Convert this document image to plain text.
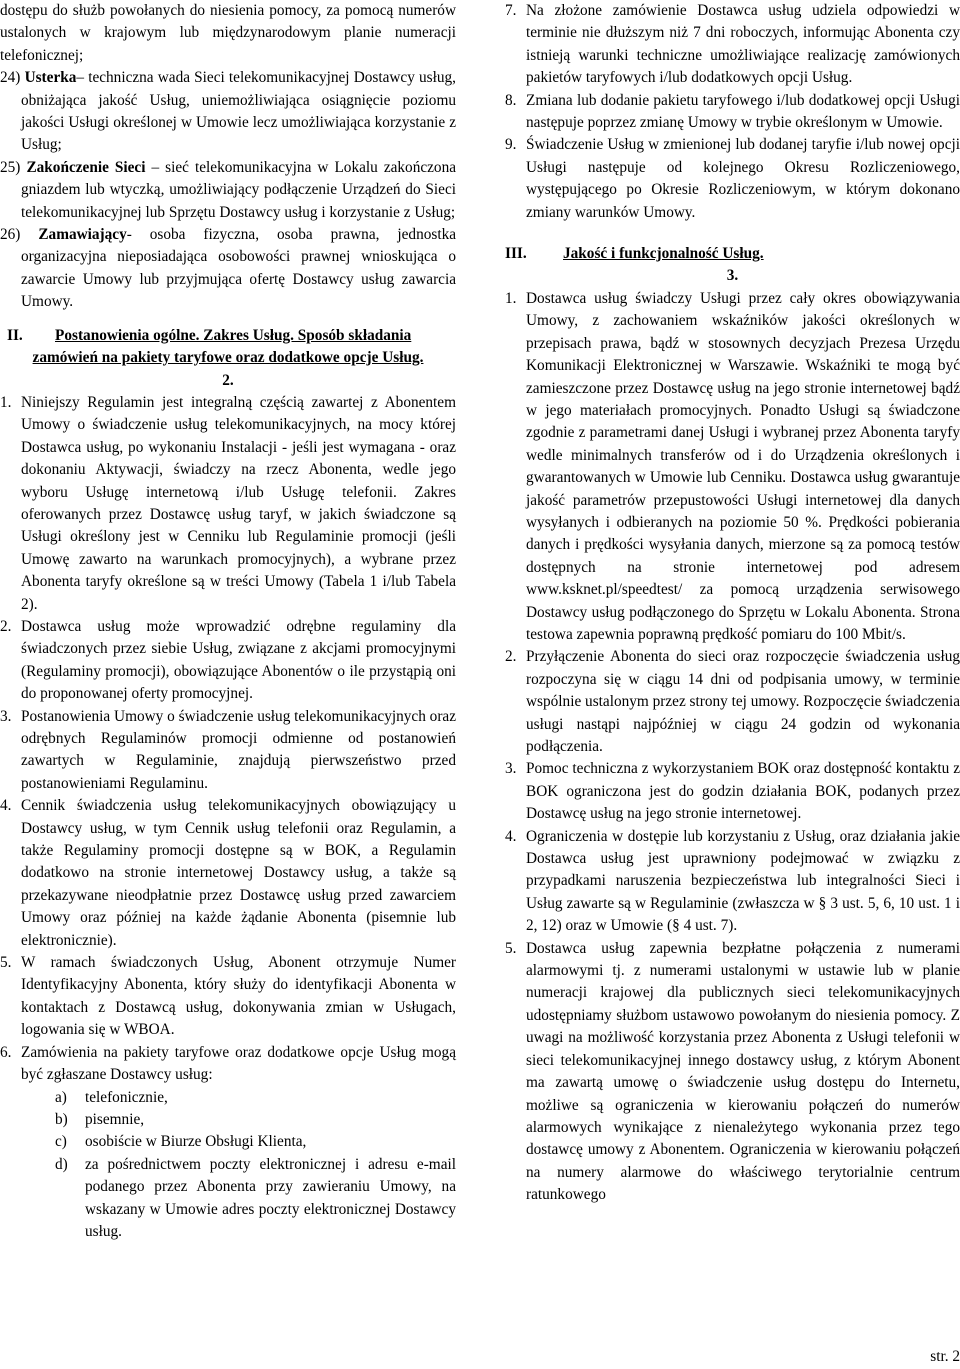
dostępu do służb powołanych do niesienia pomocy, za pomocą numerów ustalonych w krajowym lub międzynarodowym planie numeracji telefonicznej;

24) Usterka– techniczna wada Sieci telekomunikacyjnej Dostawcy usług, obniżająca jakość Usług, uniemożliwiająca osiągnięcie poziomu jakości Usługi określonej w Umowie lecz umożliwiająca korzystanie z Usług;

25) Zakończenie Sieci – sieć telekomunikacyjna w Lokalu zakończona gniazdem lub wtyczką, umożliwiający podłączenie Urządzeń do Sieci telekomunikacyjnej lub Sprzętu Dostawcy usług i korzystanie z Usług;

26) Zamawiający- osoba fizyczna, osoba prawna, jednostka organizacyjna nieposiadająca osobowości prawnej wnioskująca o zawarcie Umowy lub przyjmująca ofertę Dostawcy usług zawarcia Umowy.

II. Postanowienia ogólne. Zakres Usług. Sposób składania
zamówień na pakiety taryfowe oraz dodatkowe opcje Usług.
2.

1. Niniejszy Regulamin jest integralną częścią zawartej z Abonentem Umowy o świadczenie usług telekomunikacyjnych, na mocy której Dostawca usług, po wykonaniu Instalacji - jeśli jest wymagana - oraz dokonaniu Aktywacji, świadczy na rzecz Abonenta, wedle jego wyboru Usługę internetową i/lub Usługę telefonii. Zakres oferowanych przez Dostawcę usług taryf, w jakich świadczone są Usługi określony jest w Cenniku lub Regulaminie promocji (jeśli Umowę zawarto na warunkach promocyjnych), a wybrane przez Abonenta taryfy określone są w treści Umowy (Tabela 1 i/lub Tabela 2).

2. Dostawca usług może wprowadzić odrębne regulaminy dla świadczonych przez siebie Usług, związane z akcjami promocyjnymi (Regulaminy promocji), obowiązujące Abonentów o ile przystąpią oni do proponowanej oferty promocyjnej.

3. Postanowienia Umowy o świadczenie usług telekomunikacyjnych oraz odrębnych Regulaminów promocji odmienne od postanowień zawartych w Regulaminie, znajdują pierwszeństwo przed postanowieniami Regulaminu.

4. Cennik świadczenia usług telekomunikacyjnych obowiązujący u Dostawcy usług, w tym Cennik usług telefonii oraz Regulamin, a także Regulaminy promocji dostępne są w BOK, a Regulamin dodatkowo na stronie internetowej Dostawcy usług, a także są przekazywane nieodpłatnie przez Dostawcę usług przed zawarciem Umowy oraz później na każde żądanie Abonenta (pisemnie lub elektronicznie).

5. W ramach świadczonych Usług, Abonent otrzymuje Numer Identyfikacyjny Abonenta, który służy do identyfikacji Abonenta w kontaktach z Dostawcą usług, dokonywania zmian w Usługach, logowania się w WBOA.

6. Zamówienia na pakiety taryfowe oraz dodatkowe opcje Usług mogą być zgłaszane Dostawcy usług:

a) telefonicznie,

b) pisemnie,

c) osobiście w Biurze Obsługi Klienta,

d) za pośrednictwem poczty elektronicznej i adresu e-mail podanego przez Abonenta przy zawieraniu Umowy, na wskazany w Umowie adres poczty elektronicznej Dostawcy usług.

7. Na złożone zamówienie Dostawca usług udziela odpowiedzi w terminie nie dłuższym niż 7 dni roboczych, informując Abonenta czy istnieją warunki techniczne umożliwiające realizację zamówionych pakietów taryfowych i/lub dodatkowych opcji Usług.

8. Zmiana lub dodanie pakietu taryfowego i/lub dodatkowej opcji Usługi następuje poprzez zmianę Umowy w trybie określonym w Umowie.

9. Świadczenie Usług w zmienionej lub dodanej taryfie i/lub nowej opcji Usługi następuje od kolejnego Okresu Rozliczeniowego, występującego po Okresie Rozliczeniowym, w którym dokonano zmiany warunków Umowy.

III. Jakość i funkcjonalność Usług.
3.

1. Dostawca usług świadczy Usługi przez cały okres obowiązywania Umowy, z zachowaniem wskaźników jakości określonych w przepisach prawa, bądź w stosownych decyzjach Prezesa Urzędu Komunikacji Elektronicznej w Warszawie. Wskaźniki te mogą być zamieszczone przez Dostawcę usług na jego stronie internetowej bądź w jego materiałach promocyjnych. Ponadto Usługi są świadczone zgodnie z parametrami danej Usługi i wybranej przez Abonenta taryfy wedle minimalnych transferów od i do Urządzenia określonych i gwarantowanych w Umowie lub Cenniku. Dostawca usług gwarantuje jakość parametrów przepustowości Usługi internetowej dla danych wysyłanych i odbieranych na poziomie 50 %. Prędkości pobierania danych i prędkości wysyłania danych, mierzone są za pomocą testów dostępnych na stronie internetowej pod adresem www.ksknet.pl/speedtest/ za pomocą urządzenia serwisowego Dostawcy usług podłączonego do Sprzętu w Lokalu Abonenta. Strona testowa zapewnia poprawną prędkość pomiaru do 100 Mbit/s.

2. Przyłączenie Abonenta do sieci oraz rozpoczęcie świadczenia usług rozpoczyna się w ciągu 14 dni od podpisania umowy, w terminie wspólnie ustalonym przez strony tej umowy. Rozpoczęcie świadczenia usługi nastąpi najpóźniej w ciągu 24 godzin od wykonania podłączenia.

3. Pomoc techniczna z wykorzystaniem BOK oraz dostępność kontaktu z BOK ograniczona jest do godzin działania BOK, podanych przez Dostawcę usług na jego stronie internetowej.

4. Ograniczenia w dostępie lub korzystaniu z Usług, oraz działania jakie Dostawca usług jest uprawniony podejmować w związku z przypadkami naruszenia bezpieczeństwa lub integralności Sieci i Usług zawarte są w Regulaminie (zwłaszcza w § 3 ust. 5, 6, 10 ust. 1 i 2, 12) oraz w Umowie (§ 4 ust. 7).

5. Dostawca usług zapewnia bezpłatne połączenia z numerami alarmowymi tj. z numerami ustalonymi w ustawie lub w planie numeracji krajowej dla publicznych sieci telekomunikacyjnych udostępniamy służbom ustawowo powołanym do niesienia pomocy. Z uwagi na możliwość korzystania przez Abonenta z Usługi telefonii w sieci telekomunikacyjnej innego dostawcy usług, z którym Abonent ma zawartą umowę o świadczenie usług dostępu do Internetu, możliwe są ograniczenia w kierowaniu połączeń do numerów alarmowych wynikające z nienależytego wykonania przez tego dostawcę umowy z Abonentem. Ograniczenia w kierowaniu połączeń na numery alarmowe do właściwego terytorialnie centrum ratunkowego

str. 2
